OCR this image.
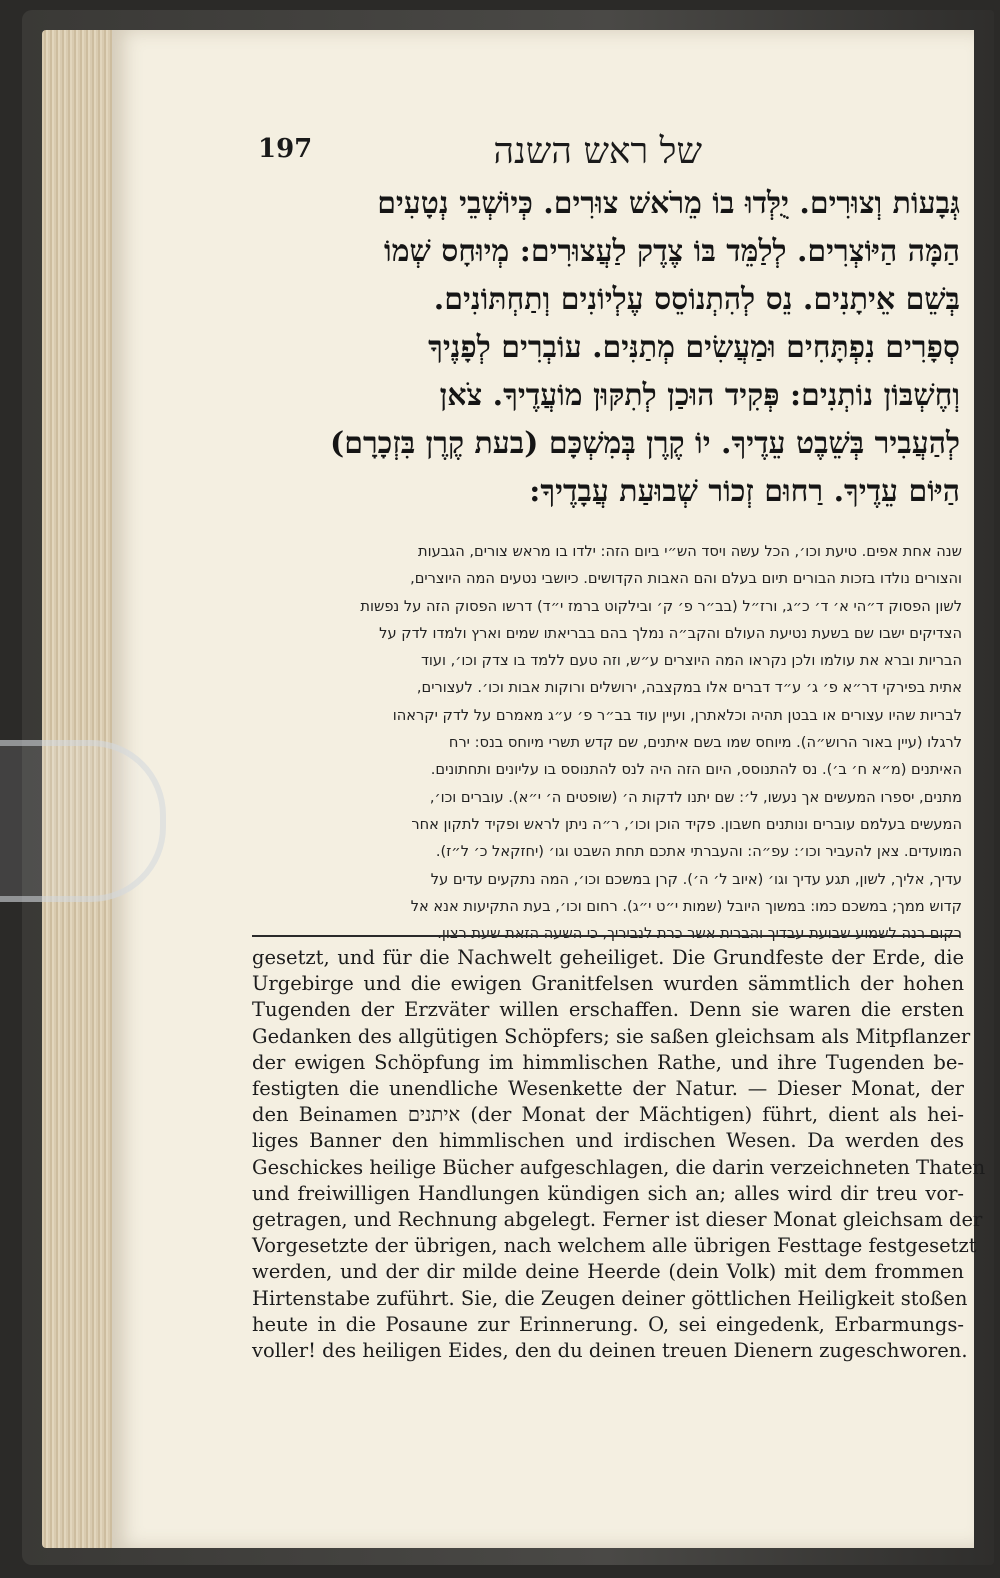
197	של ראש השנה
גְּבָעוֹת וְצוּרִים. יֻלְּדוּ בוֹ מֵרֹאשׁ צוּרִים. כְּיוֹשְׁבֵי נְטָעִים
הַמָּה הַיּוֹצְרִים. לְלַמֵּד בּוֹ צֶדֶק לַעֲצוּרִים: מְיוּחָס שְׁמוֹ
בְּשֵׁם אֵיתָנִים. נֵס לְהִתְנוֹסֵס עֶלְיוֹנִים וְתַחְתּוֹנִים.
סְפָרִים נִפְתָּחִים וּמַעֲשִׂים מְתַנִּים. עוֹבְרִים לְפָנֶיךָ
וְחֶשְׁבּוֹן נוֹתְנִים: פְּקִיד הוּכַן לְתִקּוּן מוֹעֲדֶיךָ. צֹאן
לְהַעֲבִיר בְּשֵׁבֶט עֵדֶיךָ. יוֹ קֶרֶן בְּמִשְׁכָּם (בעת קֶרֶן בִּזְכָרָם)
הַיּוֹם עֵדֶיךָ. רַחוּם זְכוֹר שְׁבוּעַת עֲבָדֶיךָ:
שנה אחת אפים. טיעת וכו׳, הכל עשה ויסד הש״י ביום הזה: ילדו בו מראש צורים, הגבעות
והצורים נולדו בזכות הבורים תיום בעלם והם האבות הקדושים. כיושבי נטעים המה היוצרים,
לשון הפסוק ד״הי א׳ ד׳ כ״ג, ורז״ל (בב״ר פ׳ ק׳ ובילקוט ברמז י״ד) דרשו הפסוק הזה על נפשות
הצדיקים ישבו שם בשעת נטיעת העולם והקב״ה נמלך בהם בבריאתו שמים וארץ ולמדו לדק על
הבריות וברא את עולמו ולכן נקראו המה היוצרים ע״ש, וזה טעם ללמד בו צדק וכו׳, ועוד
אתית בפירקי דר״א פ׳ ג׳ ע״ד דברים אלו במקצבה, ירושלים ורוקות אבות וכו׳. לעצורים,
לבריות שהיו עצורים או בבטן תהיה וכלאתרן, ועיין עוד בב״ר פ׳ ע״ג מאמרם על לדק יקראהו
לרגלו (עיין באור הרוש״ה). מיוחס שמו בשם איתנים, שם קדש תשרי מיוחס בנס: ירח
האיתנים (מ״א ח׳ ב׳). נס להתנוסס, היום הזה היה לנס להתנוסס בו עליונים ותחתונים.
מתנים, יספרו המעשים אך נעשו, ל׳: שם יתנו לדקות ה׳ (שופטים ה׳ י״א). עוברים וכו׳,
המעשים בעלמם עוברים ונותנים חשבון. פקיד הוכן וכו׳, ר״ה ניתן לראש ופקיד לתקון אחר
המועדים. צאן להעביר וכו׳: עפ״ה: והעברתי אתכם תחת השבט וגו׳ (יחזקאל כ׳ ל״ז).
עדיך, אליך, לשון, תגע עדיך וגו׳ (איוב ל׳ ה׳). קרן במשכם וכו׳, המה נתקעים עדים על
קדוש ממך; במשכם כמו: במשוך היובל (שמות י״ט י״ג). רחום וכו׳, בעת התקיעות אנא אל
רקום רנה לשמוע שבועת עבדיך והברית אשר כרת לנביריך, כי השעה הזאת שעת רצון.
gesetzt, und für die Nachwelt geheiliget. Die Grundfeste der Erde, die
Urgebirge und die ewigen Granitfelsen wurden sämmtlich der hohen
Tugenden der Erzväter willen erschaffen. Denn sie waren die ersten
Gedanken des allgütigen Schöpfers; sie saßen gleichsam als Mitpflanzer
der ewigen Schöpfung im himmlischen Rathe, und ihre Tugenden be-
festigten die unendliche Wesenkette der Natur. — Dieser Monat, der
den Beinamen איתנים (der Monat der Mächtigen) führt, dient als hei-
liges Banner den himmlischen und irdischen Wesen. Da werden des
Geschickes heilige Bücher aufgeschlagen, die darin verzeichneten Thaten
und freiwilligen Handlungen kündigen sich an; alles wird dir treu vor-
getragen, und Rechnung abgelegt. Ferner ist dieser Monat gleichsam der
Vorgesetzte der übrigen, nach welchem alle übrigen Festtage festgesetzt
werden, und der dir milde deine Heerde (dein Volk) mit dem frommen
Hirtenstabe zuführt. Sie, die Zeugen deiner göttlichen Heiligkeit stoßen
heute in die Posaune zur Erinnerung. O, sei eingedenk, Erbarmungs-
voller! des heiligen Eides, den du deinen treuen Dienern zugeschworen.
